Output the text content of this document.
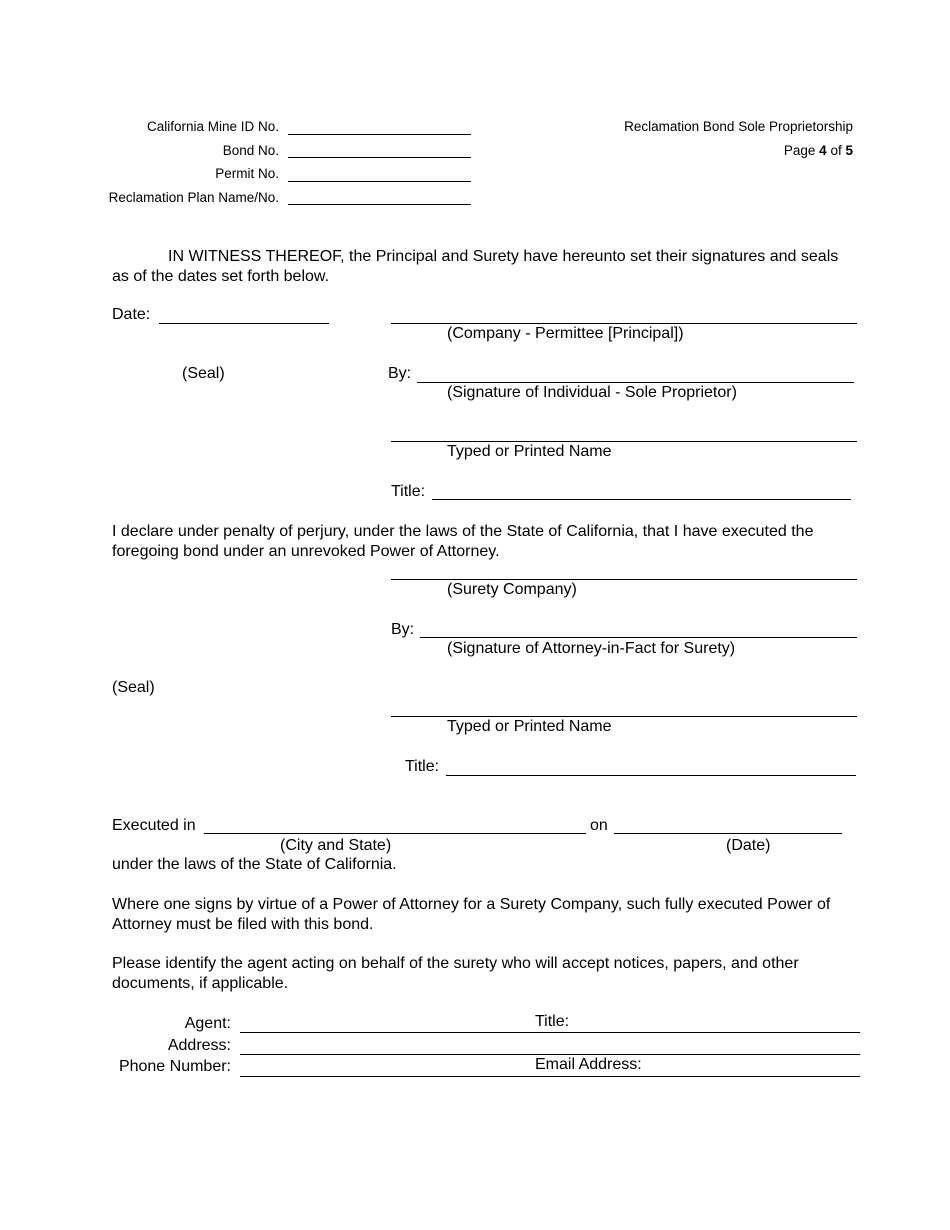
California Mine ID No.
Bond No.
Permit No.
Reclamation Plan Name/No.
Reclamation Bond Sole Proprietorship
Page 4 of 5
IN WITNESS THEREOF, the Principal and Surety have hereunto set their signatures and seals as of the dates set forth below.
Date:
(Company - Permittee [Principal])
(Seal)	By:
(Signature of Individual - Sole Proprietor)
Typed or Printed Name
Title:
I declare under penalty of perjury, under the laws of the State of California, that I have executed the foregoing bond under an unrevoked Power of Attorney.
(Surety Company)
By:
(Signature of Attorney-in-Fact for Surety)
(Seal)
Typed or Printed Name
Title:
Executed in	on
(City and State)	(Date)
under the laws of the State of California.
Where one signs by virtue of a Power of Attorney for a Surety Company, such fully executed Power of Attorney must be filed with this bond.
Please identify the agent acting on behalf of the surety who will accept notices, papers, and other documents, if applicable.
Agent:	Title:
Address:
Phone Number:	Email Address:
